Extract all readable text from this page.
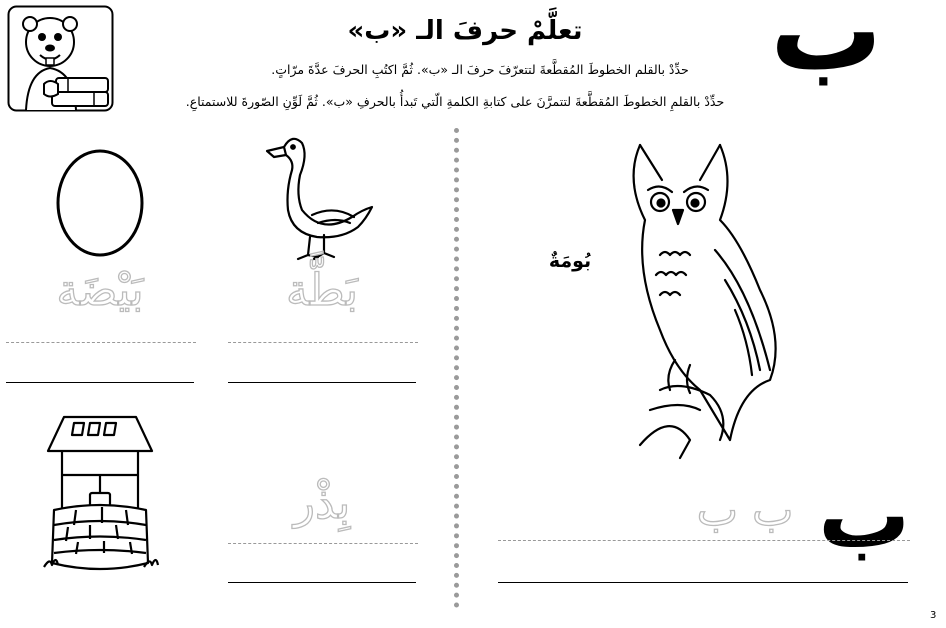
تعلَّمْ حرفَ الـ «ب»
حدِّدْ بالقلم الخطوطَ المُقطَّعةَ لتتعرّفَ حرفَ الـ «ب». ثُمَّ اكتُبِ الحرفَ عدَّةَ مرّاتٍ.
حدِّدْ بالقلمِ الخطوطَ المُقطَّعةَ لتتمرَّنَ على كتابةِ الكلمةِ الّتي تَبدأُ بالحرفِ «ب». ثُمَّ لَوِّنِ الصّورةَ للاستمتاعِ.
ب
بُومَةٌ
ب
ب ب
بَيْضَة	بَطَّة
بِذْر
3
